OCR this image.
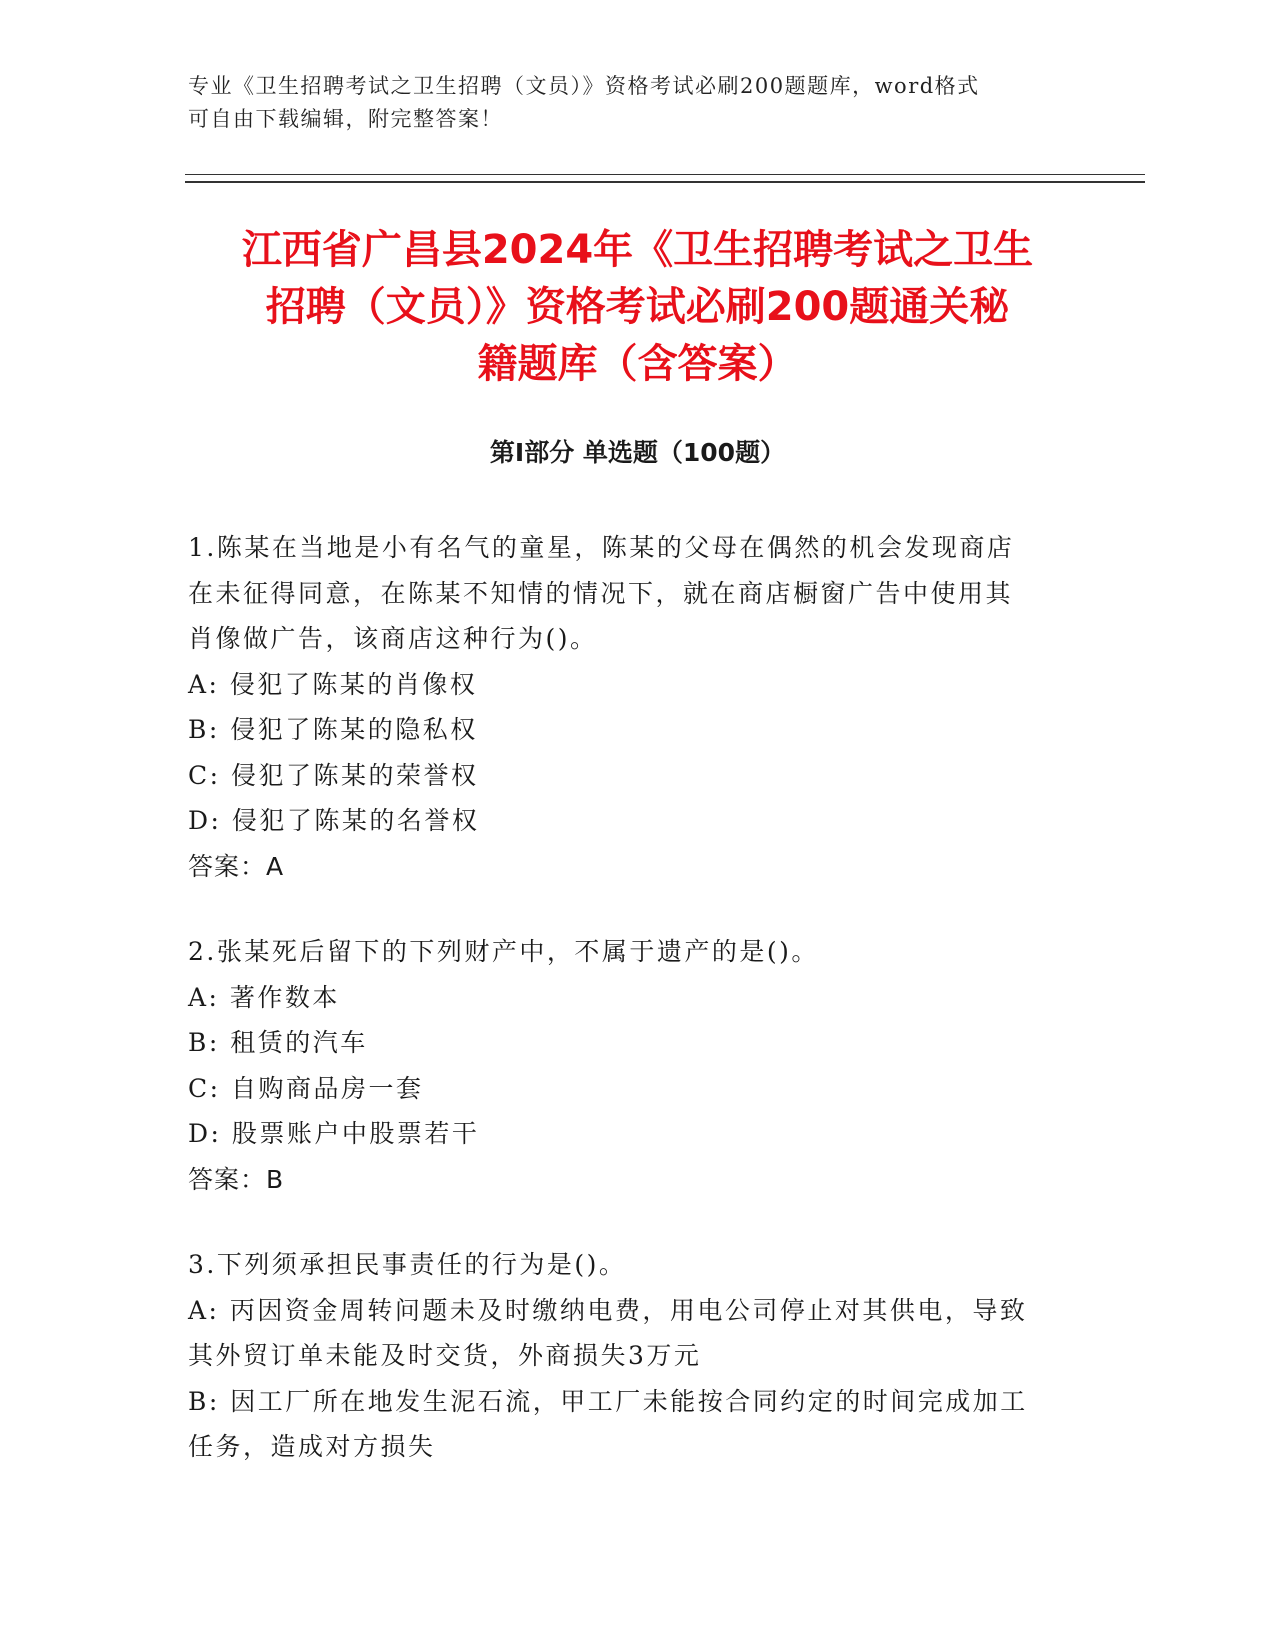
专业《卫生招聘考试之卫生招聘（文员）》资格考试必刷200题题库，word格式
可自由下载编辑，附完整答案！

江西省广昌县2024年《卫生招聘考试之卫生
招聘（文员）》资格考试必刷200题通关秘
籍题库（含答案）
第Ⅰ部分 单选题（100题）
1.陈某在当地是小有名气的童星，陈某的父母在偶然的机会发现商店
在未征得同意，在陈某不知情的情况下，就在商店橱窗广告中使用其
肖像做广告，该商店这种行为()。
A: 侵犯了陈某的肖像权
B: 侵犯了陈某的隐私权
C: 侵犯了陈某的荣誉权
D: 侵犯了陈某的名誉权
答案：A
2.张某死后留下的下列财产中，不属于遗产的是()。
A: 著作数本
B: 租赁的汽车
C: 自购商品房一套
D: 股票账户中股票若干
答案：B
3.下列须承担民事责任的行为是()。
A: 丙因资金周转问题未及时缴纳电费，用电公司停止对其供电，导致
其外贸订单未能及时交货，外商损失3万元
B: 因工厂所在地发生泥石流，甲工厂未能按合同约定的时间完成加工
任务，造成对方损失
